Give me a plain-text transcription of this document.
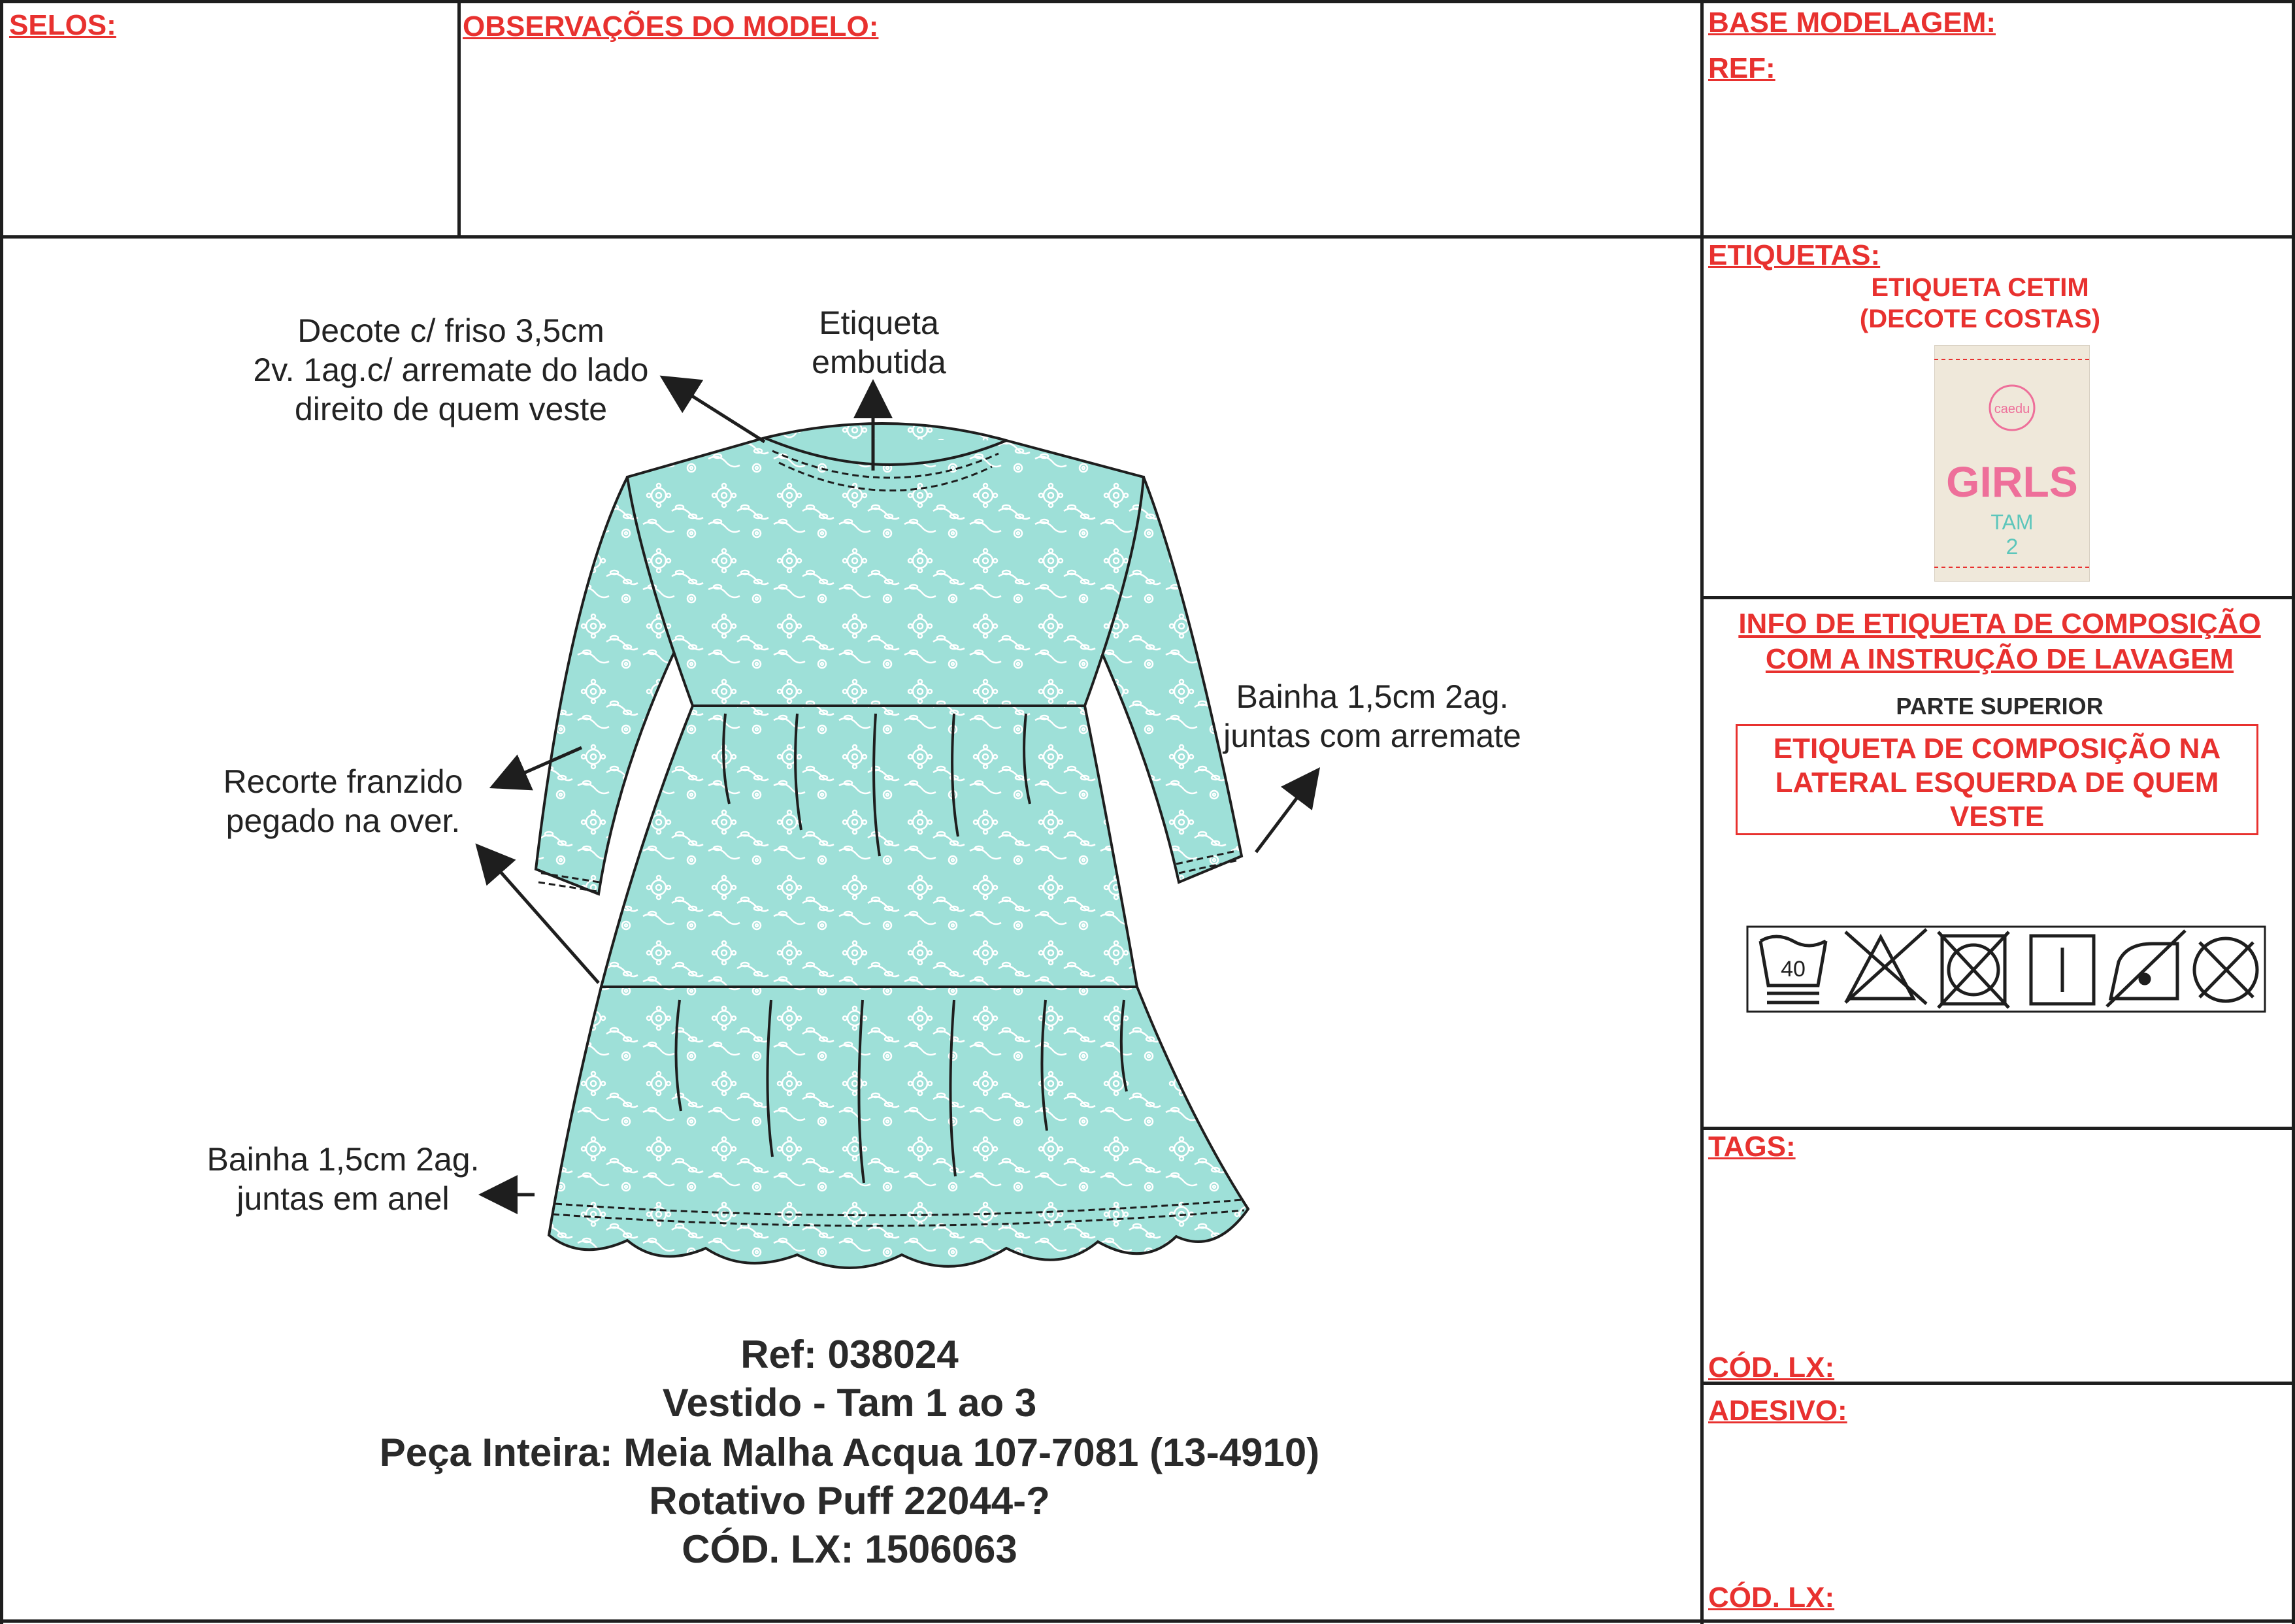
SELOS:	OBSERVAÇÕES DO MODELO:	BASE MODELAGEM:
REF:
ETIQUETAS:
ETIQUETA CETIM
(DECOTE COSTAS)
caedu
GIRLS
TAM
2
INFO DE ETIQUETA DE COMPOSIÇÃO
COM A INSTRUÇÃO DE LAVAGEM
PARTE SUPERIOR
ETIQUETA DE COMPOSIÇÃO NA
LATERAL ESQUERDA DE QUEM
VESTE
40
TAGS:
CÓD. LX:
ADESIVO:
CÓD. LX:
Decote c/ friso 3,5cm
2v. 1ag.c/ arremate do lado
direito de quem veste
Etiqueta
embutida
Bainha 1,5cm 2ag.
juntas com arremate
Recorte franzido
pegado na over.
Bainha 1,5cm 2ag.
juntas em anel
Ref: 038024
Vestido - Tam 1 ao 3
Peça Inteira: Meia Malha Acqua 107-7081 (13-4910)
Rotativo Puff 22044-?
CÓD. LX: 1506063
